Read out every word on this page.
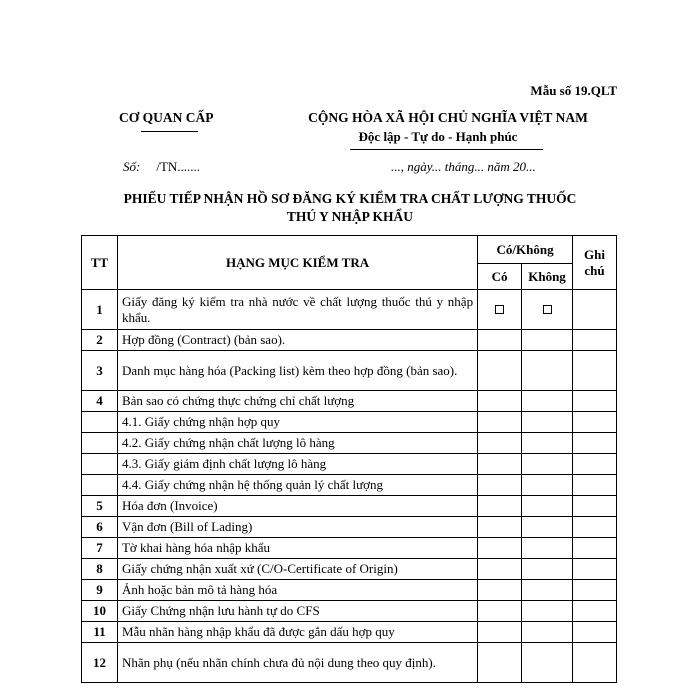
Mẫu số 19.QLT
CƠ QUAN CẤP	CỘNG HÒA XÃ HỘI CHỦ NGHĨA VIỆT NAM
Độc lập - Tự do - Hạnh phúc
Số: /TN.......	..., ngày... tháng... năm 20...
PHIẾU TIẾP NHẬN HỒ SƠ ĐĂNG KÝ KIỂM TRA CHẤT LƯỢNG THUỐC
THÚ Y NHẬP KHẨU
TT	HẠNG MỤC KIỂM TRA	Có/Không		Ghi chú
		Có	Không	
1	Giấy đăng ký kiểm tra nhà nước về chất lượng thuốc thú y nhập khẩu.			
2	Hợp đồng (Contract) (bản sao).			
3	Danh mục hàng hóa (Packing list) kèm theo hợp đồng (bản sao).			
4	Bản sao có chứng thực chứng chỉ chất lượng			
	4.1. Giấy chứng nhận hợp quy			
	4.2. Giấy chứng nhận chất lượng lô hàng			
	4.3. Giấy giám định chất lượng lô hàng			
	4.4. Giấy chứng nhận hệ thống quản lý chất lượng			
5	Hóa đơn (Invoice)			
6	Vận đơn (Bill of Lading)			
7	Tờ khai hàng hóa nhập khẩu			
8	Giấy chứng nhận xuất xứ (C/O-Certificate of Origin)			
9	Ảnh hoặc bản mô tả hàng hóa			
10	Giấy Chứng nhận lưu hành tự do CFS			
11	Mẫu nhãn hàng nhập khẩu đã được gắn dấu hợp quy			
12	Nhãn phụ (nếu nhãn chính chưa đủ nội dung theo quy định).			
